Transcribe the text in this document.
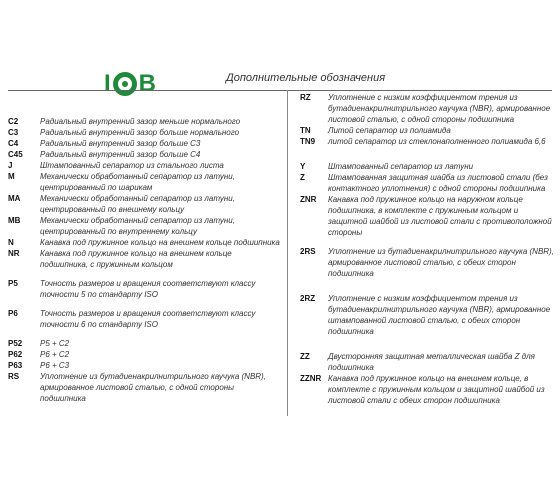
I B	Дополнительные обозначения
C2	Радиальный внутренний зазор меньше нормального
C3	Радиальный внутренний зазор больше нормального
C4	Радиальный внутренний зазор больше C3
C45	Радиальный внутренний зазор больше C4
J	Штампованный сепаратор из стального листа
M	Механически обработанный сепаратор из латуни, центрированный по шарикам
MA	Механически обработанный сепаратор из латуни, центрированный по внешнему кольцу
MB	Механически обработанный сепаратор из латуни, центрированный по внутреннему кольцу
N	Канавка под пружинное кольцо на внешнем кольце подшипника
NR	Канавка под пружинное кольцо на внешнем кольце подшипника, с пружинным кольцом
P5	Точность размеров и вращения соответствуют классу точности 5 по стандарту ISO
P6	Точность размеров и вращения соответствуют классу точности 6 по стандарту ISO
P52	P5 + C2
P62	P6 + C2
P63	P6 + C3
RS	Уплотнение из бутадиенакрилнитрильного каучука (NBR), армированное листовой сталью, с одной стороны подшипника
RZ	Уплотнение с низким коэффициентом трения из бутадиенакрилнитрильного каучука (NBR), армированное листовой сталью, с одной стороны подшипника
TN	Литой сепаратор из полиамида
TN9	литой сепаратор из стеклонаполненного полиамида 6,6
Y	Штампованный сепаратор из латуни
Z	Штампованная защитная шайба из листовой стали (без контактного уплотнения) с одной стороны подшипника
ZNR	Канавка под пружинное кольцо на наружном кольце подшипника, в комплекте с пружинным кольцом и защитной шайбой из листовой стали с противоположной стороны
2RS	Уплотнение из бутадиенакрилнитрильного каучука (NBR), армированное листовой сталью, с обеих сторон подшипника
2RZ	Уплотнение с низким коэффициентом трения из бутадиенакрилнитрильного каучука (NBR), армированное штампованной листовой сталью, с обеих сторон подшипника
ZZ	Двусторонняя защитная металлическая шайба Z для подшипника
ZZNR Канавка под пружинное кольцо на внешнем кольце, в комплекте с пружинным кольцом и защитной шайбой из листовой стали с обеих сторон подшипника
